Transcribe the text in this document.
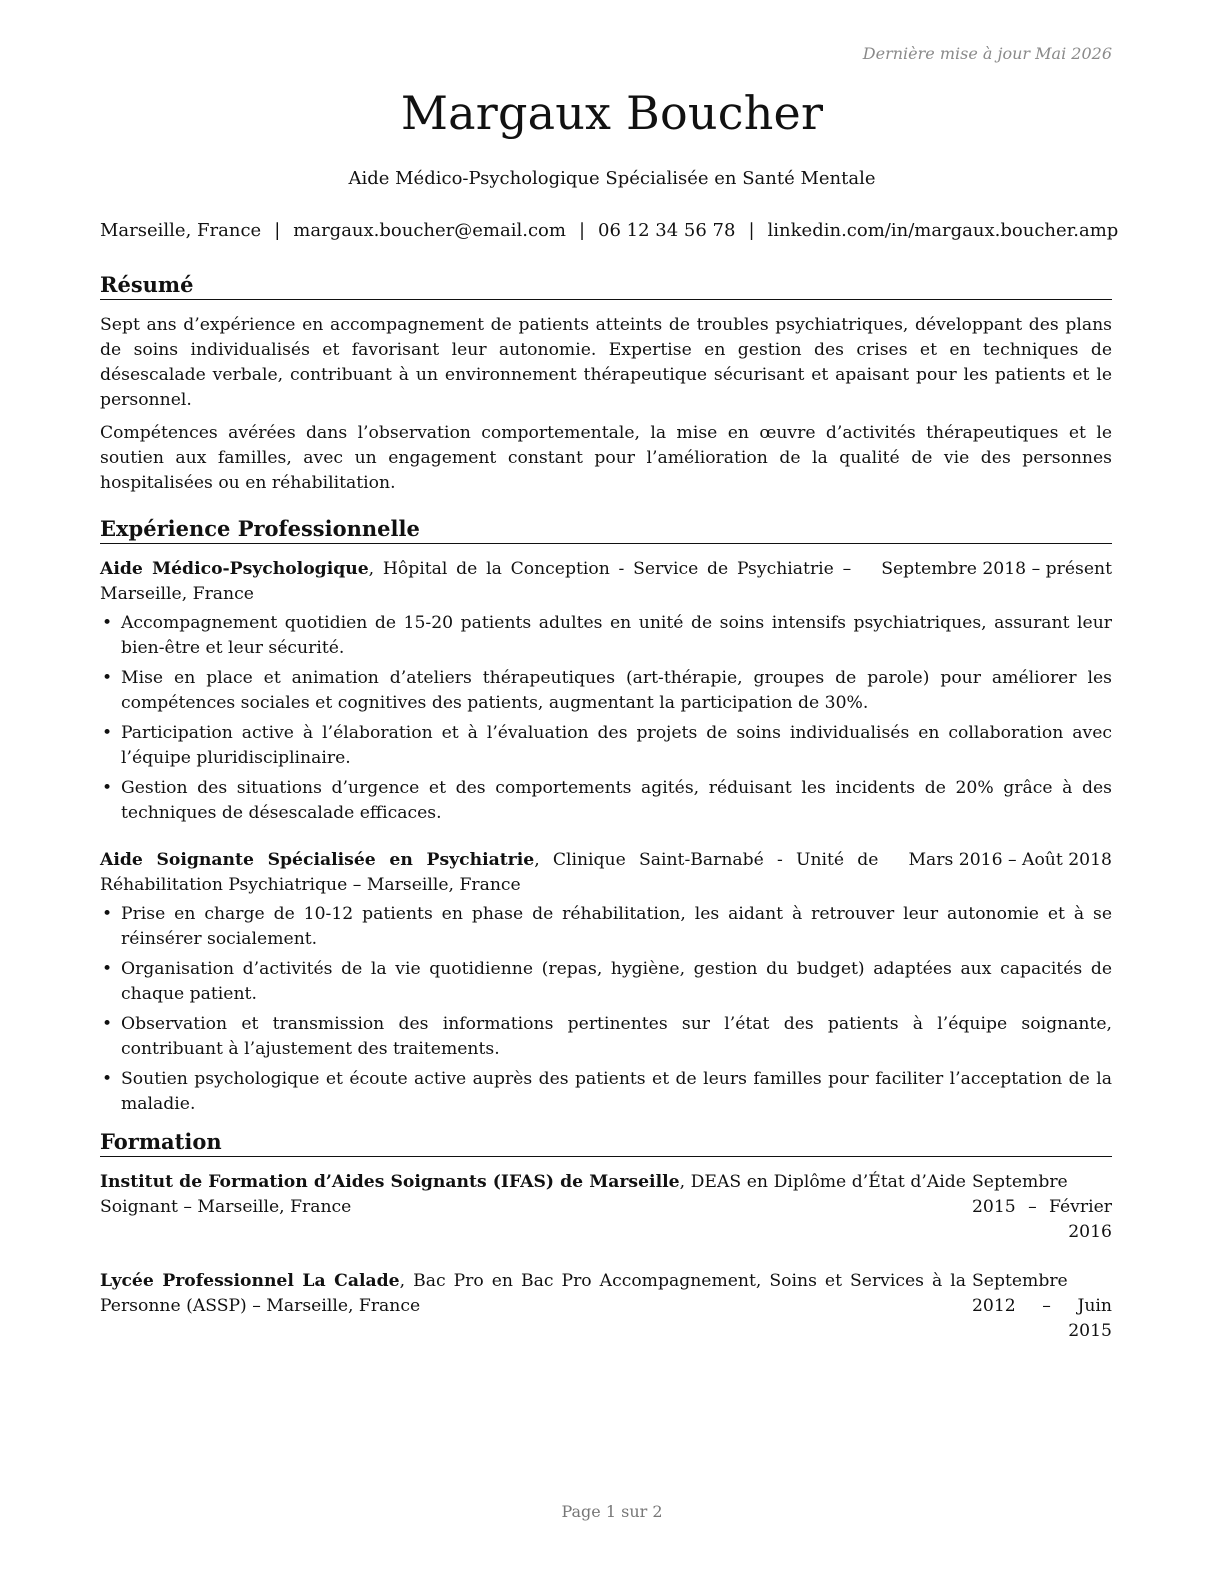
Dernière mise à jour Mai 2026
Margaux Boucher
Aide Médico-Psychologique Spécialisée en Santé Mentale
Marseille, France | margaux.boucher@email.com | 06 12 34 56 78 | linkedin.com/in/margaux.boucher.amp
Résumé

Sept ans d’expérience en accompagnement de patients atteints de troubles psychiatriques, développant des plans de soins individualisés et favorisant leur autonomie. Expertise en gestion des crises et en techniques de désescalade verbale, contribuant à un environnement thérapeutique sécurisant et apaisant pour les patients et le personnel.

Compétences avérées dans l’observation comportementale, la mise en œuvre d’activités thérapeutiques et le soutien aux familles, avec un engagement constant pour l’amélioration de la qualité de vie des personnes hospitalisées ou en réhabilitation.

Expérience Professionnelle
Aide Médico-Psychologique, Hôpital de la Conception - Service de Psychiatrie – Marseille, France
Septembre 2018 – présent
• Accompagnement quotidien de 15-20 patients adultes en unité de soins intensifs psychiatriques, assurant leur bien-être et leur sécurité.
• Mise en place et animation d’ateliers thérapeutiques (art-thérapie, groupes de parole) pour améliorer les compétences sociales et cognitives des patients, augmentant la participation de 30%.
• Participation active à l’élaboration et à l’évaluation des projets de soins individualisés en collaboration avec l’équipe pluridisciplinaire.
• Gestion des situations d’urgence et des comportements agités, réduisant les incidents de 20% grâce à des techniques de désescalade efficaces.
Aide Soignante Spécialisée en Psychiatrie, Clinique Saint-Barnabé - Unité de Réhabilitation Psychiatrique – Marseille, France
Mars 2016 – Août 2018
• Prise en charge de 10-12 patients en phase de réhabilitation, les aidant à retrouver leur autonomie et à se réinsérer socialement.
• Organisation d’activités de la vie quotidienne (repas, hygiène, gestion du budget) adaptées aux capacités de chaque patient.
• Observation et transmission des informations pertinentes sur l’état des patients à l’équipe soignante, contribuant à l’ajustement des traitements.
• Soutien psychologique et écoute active auprès des patients et de leurs familles pour faciliter l’acceptation de la maladie.
Formation
Institut de Formation d’Aides Soignants (IFAS) de Marseille, DEAS en Diplôme d’État d’Aide Soignant – Marseille, France
Septembre 2015 – Février 2016
Lycée Professionnel La Calade, Bac Pro en Bac Pro Accompagnement, Soins et Services à la Personne (ASSP) – Marseille, France
Septembre 2012 – Juin 2015
Page 1 sur 2
